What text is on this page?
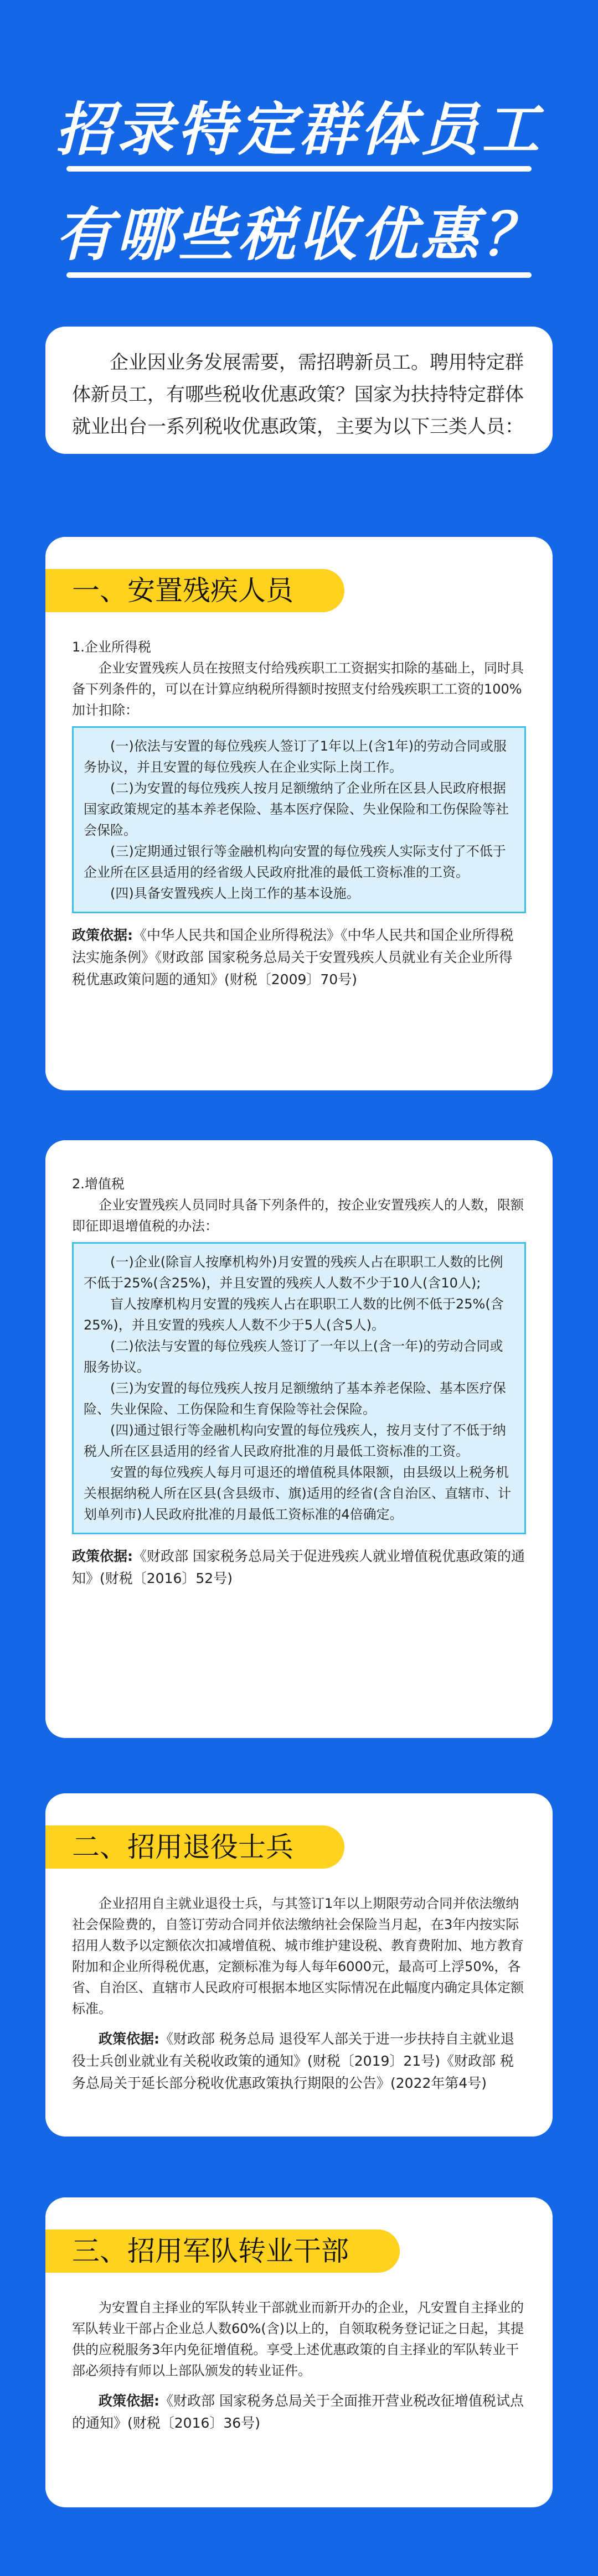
招录特定群体员工
有哪些税收优惠？
企业因业务发展需要，需招聘新员工。聘用特定群体新员工，有哪些税收优惠政策？国家为扶持特定群体就业出台一系列税收优惠政策，主要为以下三类人员：
一、安置残疾人员

1.企业所得税

企业安置残疾人员在按照支付给残疾职工工资据实扣除的基础上，同时具备下列条件的，可以在计算应纳税所得额时按照支付给残疾职工工资的100%加计扣除：

(一)依法与安置的每位残疾人签订了1年以上(含1年)的劳动合同或服务协议，并且安置的每位残疾人在企业实际上岗工作。

(二)为安置的每位残疾人按月足额缴纳了企业所在区县人民政府根据国家政策规定的基本养老保险、基本医疗保险、失业保险和工伤保险等社会保险。

(三)定期通过银行等金融机构向安置的每位残疾人实际支付了不低于企业所在区县适用的经省级人民政府批准的最低工资标准的工资。

(四)具备安置残疾人上岗工作的基本设施。

政策依据:《中华人民共和国企业所得税法》《中华人民共和国企业所得税法实施条例》《财政部 国家税务总局关于安置残疾人员就业有关企业所得税优惠政策问题的通知》(财税〔2009〕70号)

2.增值税

企业安置残疾人员同时具备下列条件的，按企业安置残疾人的人数，限额即征即退增值税的办法：

(一)企业(除盲人按摩机构外)月安置的残疾人占在职职工人数的比例不低于25%(含25%)，并且安置的残疾人人数不少于10人(含10人);

盲人按摩机构月安置的残疾人占在职职工人数的比例不低于25%(含25%)，并且安置的残疾人人数不少于5人(含5人)。

(二)依法与安置的每位残疾人签订了一年以上(含一年)的劳动合同或服务协议。

(三)为安置的每位残疾人按月足额缴纳了基本养老保险、基本医疗保险、失业保险、工伤保险和生育保险等社会保险。

(四)通过银行等金融机构向安置的每位残疾人，按月支付了不低于纳税人所在区县适用的经省人民政府批准的月最低工资标准的工资。

安置的每位残疾人每月可退还的增值税具体限额，由县级以上税务机关根据纳税人所在区县(含县级市、旗)适用的经省(含自治区、直辖市、计划单列市)人民政府批准的月最低工资标准的4倍确定。

政策依据:《财政部 国家税务总局关于促进残疾人就业增值税优惠政策的通知》(财税〔2016〕52号)

二、招用退役士兵

企业招用自主就业退役士兵，与其签订1年以上期限劳动合同并依法缴纳社会保险费的，自签订劳动合同并依法缴纳社会保险当月起，在3年内按实际招用人数予以定额依次扣减增值税、城市维护建设税、教育费附加、地方教育附加和企业所得税优惠，定额标准为每人每年6000元，最高可上浮50%，各省、自治区、直辖市人民政府可根据本地区实际情况在此幅度内确定具体定额标准。

政策依据:《财政部 税务总局 退役军人部关于进一步扶持自主就业退役士兵创业就业有关税收政策的通知》(财税〔2019〕21号)《财政部 税务总局关于延长部分税收优惠政策执行期限的公告》(2022年第4号)

三、招用军队转业干部

为安置自主择业的军队转业干部就业而新开办的企业，凡安置自主择业的军队转业干部占企业总人数60%(含)以上的，自领取税务登记证之日起，其提供的应税服务3年内免征增值税。享受上述优惠政策的自主择业的军队转业干部必须持有师以上部队颁发的转业证件。

政策依据:《财政部 国家税务总局关于全面推开营业税改征增值税试点的通知》(财税〔2016〕36号)
